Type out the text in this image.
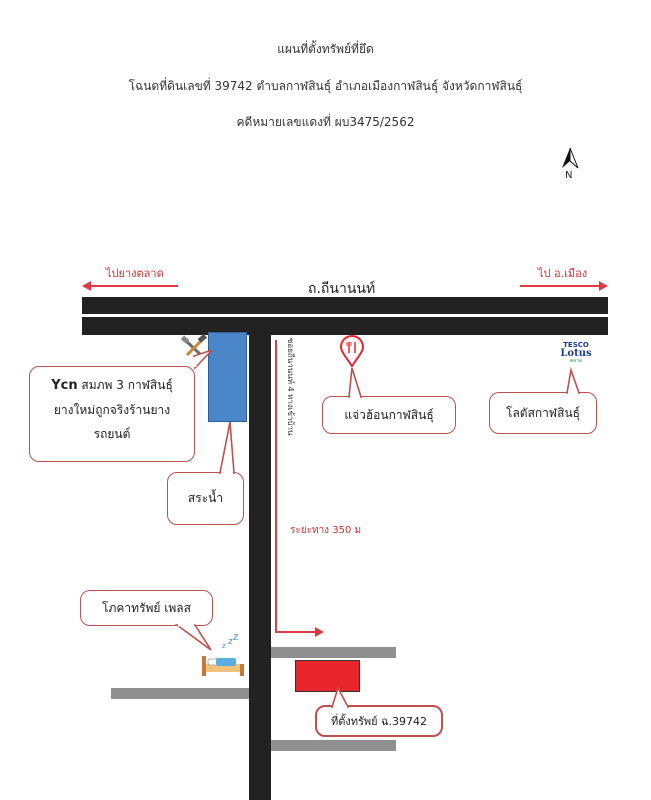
แผนที่ตั้งทรัพย์ที่ยึด
โฉนดที่ดินเลขที่ 39742 ตำบลกาฬสินธุ์ อำเภอเมืองกาฬสินธุ์ จังหวัดกาฬสินธุ์
คดีหมายเลขแดงที่ ผบ3475/2562
N
ไปยางตลาด	ไป อ.เมือง
ถ.ถีนานนท์
ซอยถีนานนท์ 4 ทางเข้าบ้าน
ระยะทาง 350 ม
Ycn สมภพ 3 กาฬสินธุ์
ยางใหม่ถูกจริงร้านยาง
รถยนต์
สระน้ำ
แจ่วฮ้อนกาฬสินธุ์
TESCO
Lotus
ตลาด
โลตัสกาฬสินธุ์
โภคาทรัพย์ เพลส
z Z
z
ที่ตั้งทรัพย์ ฉ.39742
